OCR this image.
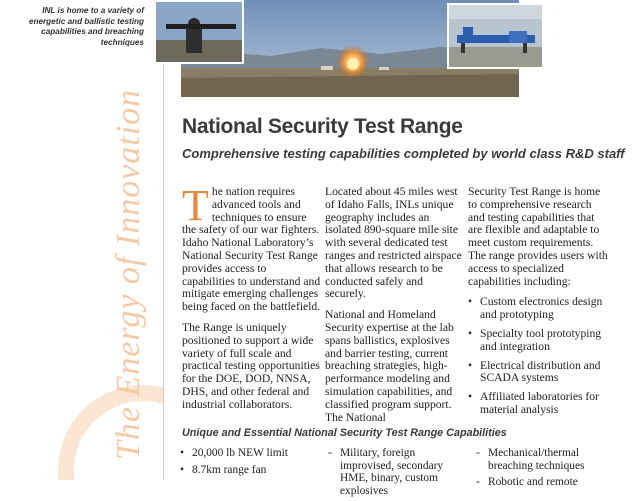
The Energy of Innovation
INL is home to a variety of energetic and ballistic testing capabilities and breaching techniques
National Security Test Range
Comprehensive testing capabilities completed by world class R&D staff

The nation requires advanced tools and techniques to ensure the safety of our war fighters. Idaho National Laboratory’s National Security Test Range provides access to capabilities to understand and mitigate emerging challenges being faced on the battlefield.

The Range is uniquely positioned to support a wide variety of full scale and practical testing opportunities for the DOE, DOD, NNSA, DHS, and other federal and industrial collaborators.

Located about 45 miles west of Idaho Falls, INLs unique geography includes an isolated 890-square mile site with several dedicated test ranges and restricted airspace that allows research to be conducted safely and securely.

National and Homeland Security expertise at the lab spans ballistics, explosives and barrier testing, current breaching strategies, high-performance modeling and simulation capabilities, and classified program support. The National

Security Test Range is home to comprehensive research and testing capabilities that are flexible and adaptable to meet custom requirements. The range provides users with access to specialized capabilities including:

• Custom electronics design and prototyping
• Specialty tool prototyping and integration
• Electrical distribution and SCADA systems
• Affiliated laboratories for material analysis
Unique and Essential National Security Test Range Capabilities
• 20,000 lb NEW limit
• 8.7km range fan
- Military, foreign improvised, secondary HME, binary, custom explosives
- Mechanical/thermal breaching techniques
- Robotic and remote
